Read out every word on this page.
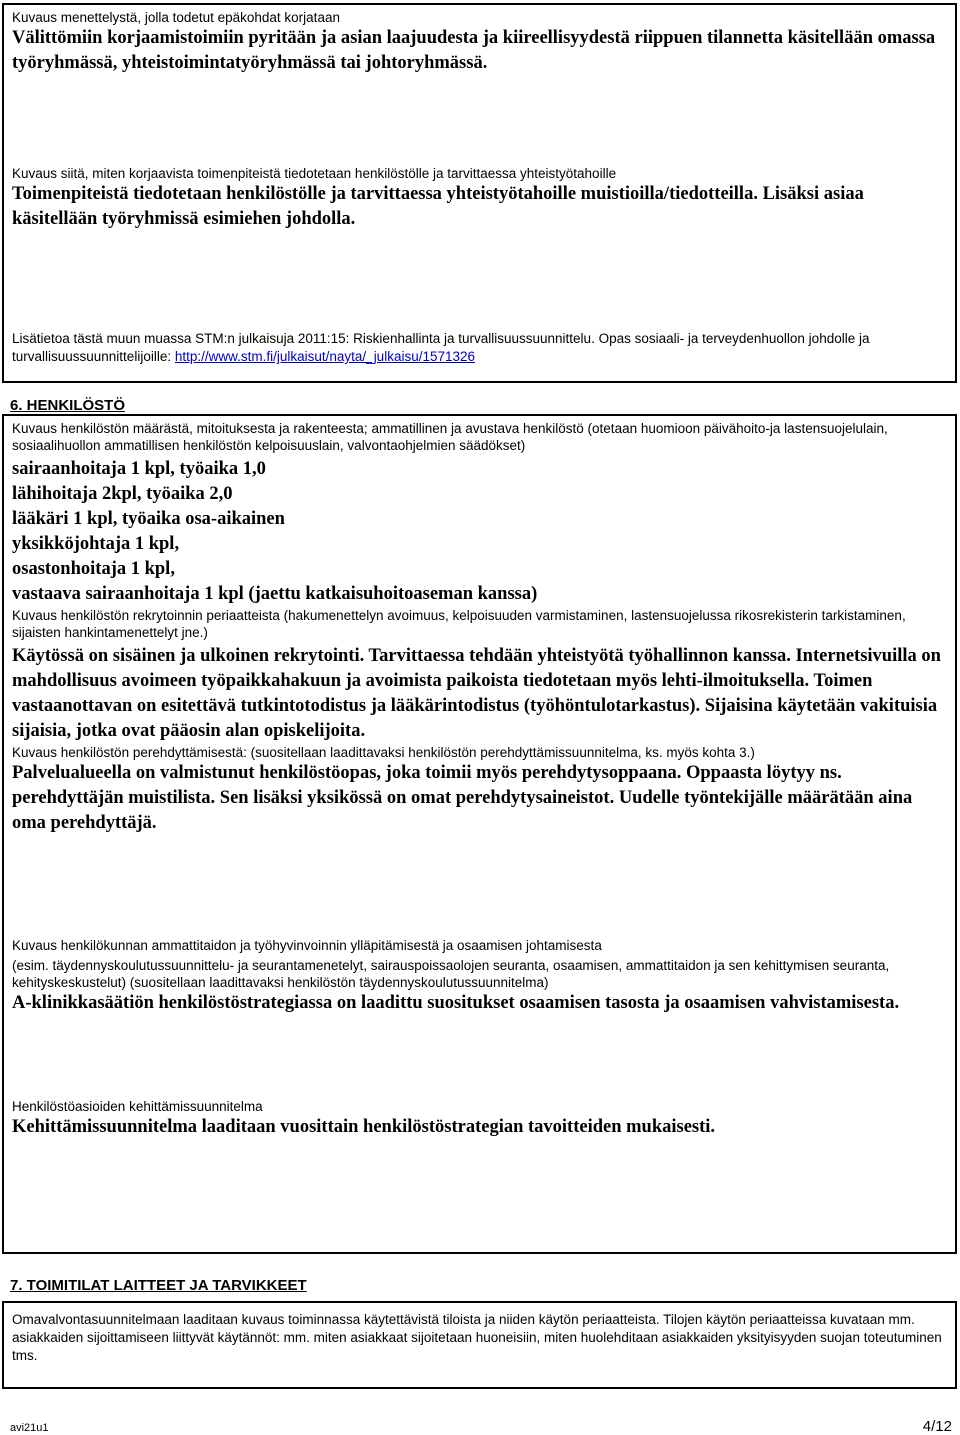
Kuvaus menettelystä, jolla todetut epäkohdat korjataan

Välittömiin korjaamistoimiin pyritään ja asian laajuudesta ja kiireellisyydestä riippuen tilannetta käsitellään omassa työryhmässä, yhteistoimintatyöryhmässä tai johtoryhmässä.

Kuvaus siitä, miten korjaavista toimenpiteistä tiedotetaan henkilöstölle ja tarvittaessa yhteistyötahoille

Toimenpiteistä tiedotetaan henkilöstölle ja tarvittaessa yhteistyötahoille muistioilla/tiedotteilla. Lisäksi asiaa käsitellään työryhmissä esimiehen johdolla.

Lisätietoa tästä muun muassa STM:n julkaisuja 2011:15: Riskienhallinta ja turvallisuussuunnittelu. Opas sosiaali- ja terveydenhuollon johdolle ja turvallisuussuunnittelijoille: http://www.stm.fi/julkaisut/nayta/_julkaisu/1571326

6. HENKILÖSTÖ

Kuvaus henkilöstön määrästä, mitoituksesta ja rakenteesta; ammatillinen ja avustava henkilöstö (otetaan huomioon päivähoito-ja lastensuojelulain, sosiaalihuollon ammatillisen henkilöstön kelpoisuuslain, valvontaohjelmien säädökset)

sairaanhoitaja 1 kpl, työaika 1,0

lähihoitaja 2kpl, työaika 2,0

lääkäri 1 kpl, työaika osa-aikainen

yksikköjohtaja 1 kpl,

osastonhoitaja 1 kpl,

vastaava sairaanhoitaja 1 kpl (jaettu katkaisuhoitoaseman kanssa)

Kuvaus henkilöstön rekrytoinnin periaatteista (hakumenettelyn avoimuus, kelpoisuuden varmistaminen, lastensuojelussa rikosrekisterin tarkistaminen, sijaisten hankintamenettelyt jne.)

Käytössä on sisäinen ja ulkoinen rekrytointi. Tarvittaessa tehdään yhteistyötä työhallinnon kanssa. Internetsivuilla on mahdollisuus avoimeen työpaikkahakuun ja avoimista paikoista tiedotetaan myös lehti-ilmoituksella. Toimen vastaanottavan on esitettävä tutkintotodistus ja lääkärintodistus (työhöntulotarkastus). Sijaisina käytetään vakituisia sijaisia, jotka ovat pääosin alan opiskelijoita.

Kuvaus henkilöstön perehdyttämisestä: (suositellaan laadittavaksi henkilöstön perehdyttämissuunnitelma, ks. myös kohta 3.)

Palvelualueella on valmistunut henkilöstöopas, joka toimii myös perehdytysoppaana. Oppaasta löytyy ns. perehdyttäjän muistilista. Sen lisäksi yksikössä on omat perehdytysaineistot. Uudelle työntekijälle määrätään aina oma perehdyttäjä.

Kuvaus henkilökunnan ammattitaidon ja työhyvinvoinnin ylläpitämisestä ja osaamisen johtamisesta

(esim. täydennyskoulutussuunnittelu- ja seurantamenetelyt, sairauspoissaolojen seuranta, osaamisen, ammattitaidon ja sen kehittymisen seuranta, kehityskeskustelut) (suositellaan laadittavaksi henkilöstön täydennyskoulutussuunnitelma)

A-klinikkasäätiön henkilöstöstrategiassa on laadittu suositukset osaamisen tasosta ja osaamisen vahvistamisesta.

Henkilöstöasioiden kehittämissuunnitelma

Kehittämissuunnitelma laaditaan vuosittain henkilöstöstrategian tavoitteiden mukaisesti.

7. TOIMITILAT LAITTEET JA TARVIKKEET

Omavalvontasuunnitelmaan laaditaan kuvaus toiminnassa käytettävistä tiloista ja niiden käytön periaatteista. Tilojen käytön periaatteissa kuvataan mm. asiakkaiden sijoittamiseen liittyvät käytännöt: mm. miten asiakkaat sijoitetaan huoneisiin, miten huolehditaan asiakkaiden yksityisyyden suojan toteutuminen tms.

avi21u1	4/12
